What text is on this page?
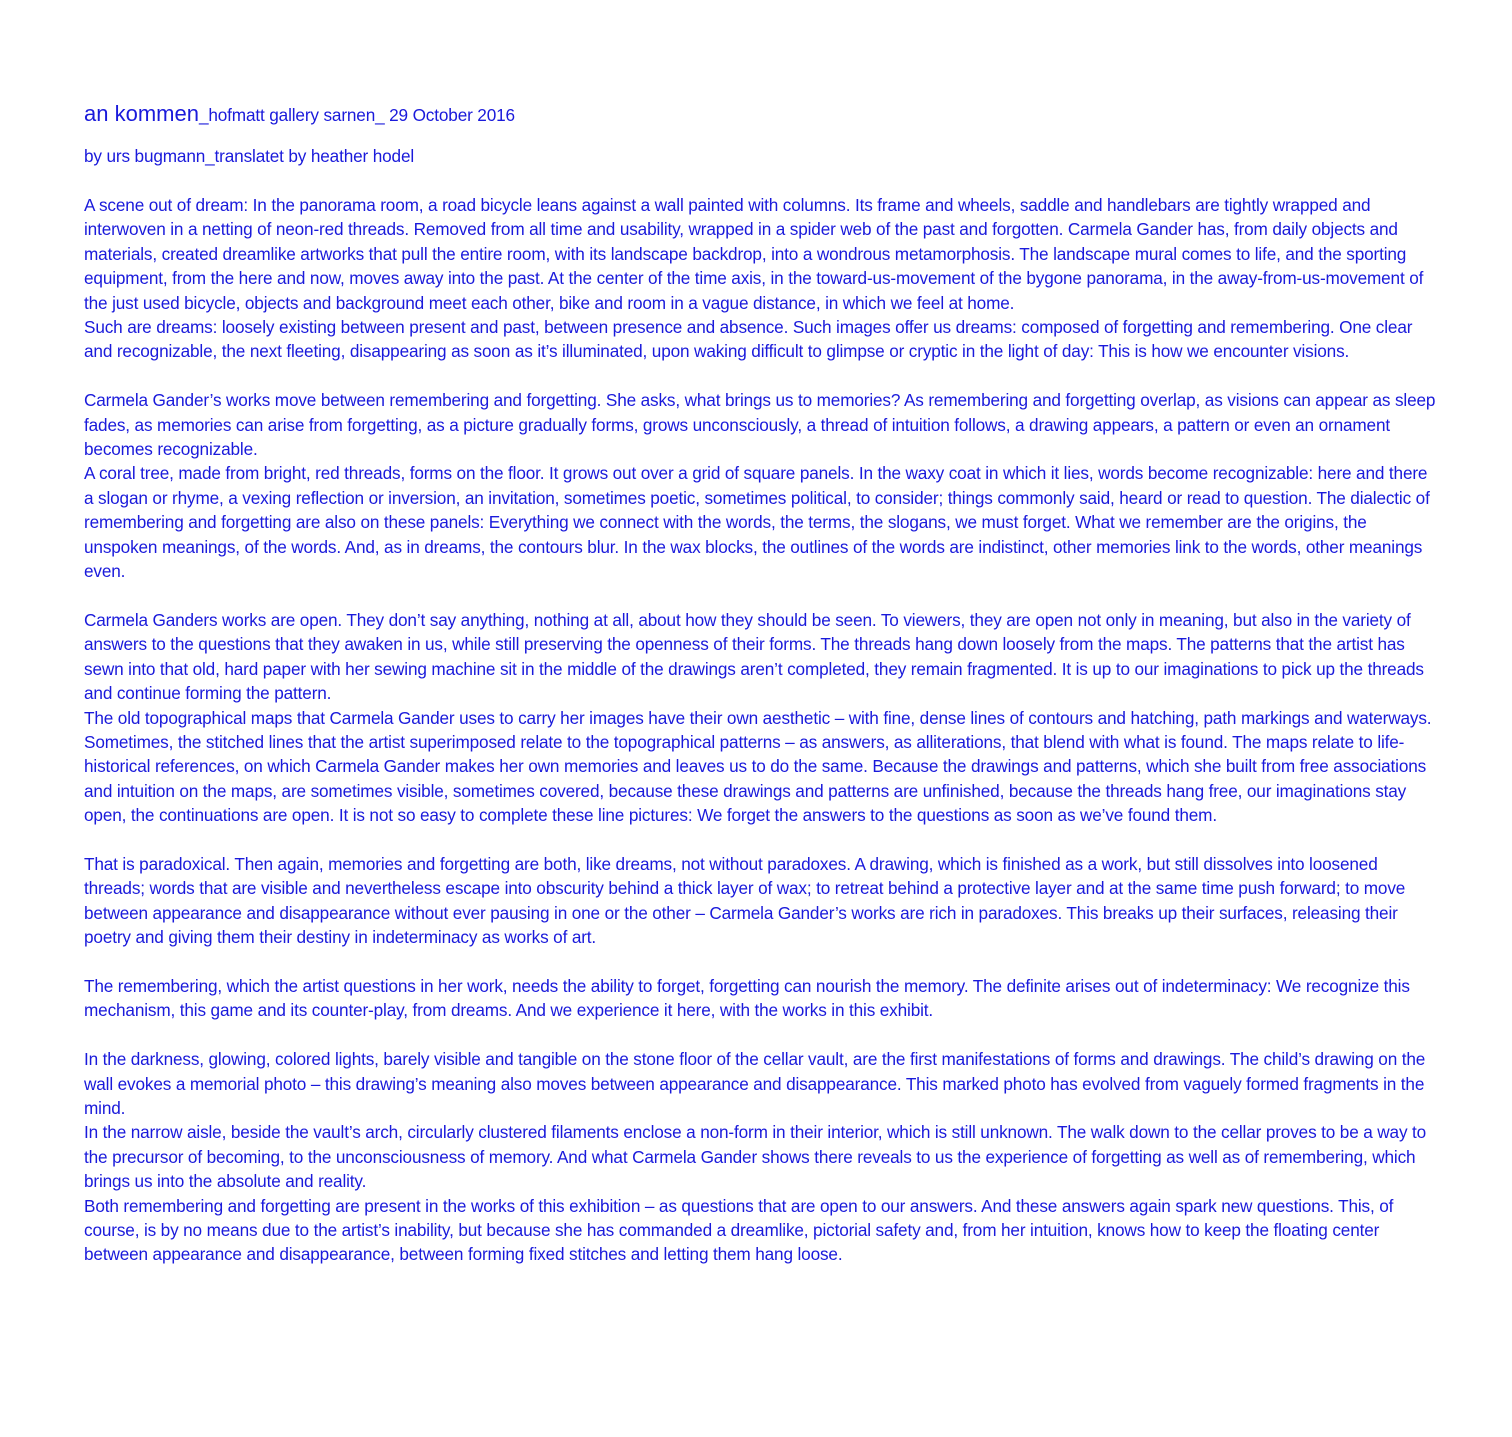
an kommen_hofmatt gallery sarnen_ 29 October 2016

by urs bugmann_translatet by heather hodel

A scene out of dream: In the panorama room, a road bicycle leans against a wall painted with columns. Its frame and wheels, saddle and handlebars are tightly wrapped and interwoven in a netting of neon-red threads. Removed from all time and usability, wrapped in a spider web of the past and forgotten. Carmela Gander has, from daily objects and materials, created dreamlike artworks that pull the entire room, with its landscape backdrop, into a wondrous metamorphosis. The landscape mural comes to life, and the sporting equipment, from the here and now, moves away into the past. At the center of the time axis, in the toward-us-movement of the bygone panorama, in the away-from-us-movement of the just used bicycle, objects and background meet each other, bike and room in a vague distance, in which we feel at home.

Such are dreams: loosely existing between present and past, between presence and absence. Such images offer us dreams: composed of forgetting and remembering. One clear and recognizable, the next fleeting, disappearing as soon as it’s illuminated, upon waking difficult to glimpse or cryptic in the light of day: This is how we encounter visions.

Carmela Gander’s works move between remembering and forgetting. She asks, what brings us to memories? As remembering and forgetting overlap, as visions can appear as sleep fades, as memories can arise from forgetting, as a picture gradually forms, grows unconsciously, a thread of intuition follows, a drawing appears, a pattern or even an ornament becomes recognizable.

A coral tree, made from bright, red threads, forms on the floor. It grows out over a grid of square panels. In the waxy coat in which it lies, words become recognizable: here and there a slogan or rhyme, a vexing reflection or inversion, an invitation, sometimes poetic, sometimes political, to consider; things commonly said, heard or read to question. The dialectic of remembering and forgetting are also on these panels: Everything we connect with the words, the terms, the slogans, we must forget. What we remember are the origins, the unspoken meanings, of the words. And, as in dreams, the contours blur. In the wax blocks, the outlines of the words are indistinct, other memories link to the words, other meanings even.

Carmela Ganders works are open. They don’t say anything, nothing at all, about how they should be seen. To viewers, they are open not only in meaning, but also in the variety of answers to the questions that they awaken in us, while still preserving the openness of their forms. The threads hang down loosely from the maps. The patterns that the artist has sewn into that old, hard paper with her sewing machine sit in the middle of the drawings aren’t completed, they remain fragmented. It is up to our imaginations to pick up the threads and continue forming the pattern.

The old topographical maps that Carmela Gander uses to carry her images have their own aesthetic – with fine, dense lines of contours and hatching, path markings and waterways. Sometimes, the stitched lines that the artist superimposed relate to the topographical patterns – as answers, as alliterations, that blend with what is found. The maps relate to life-historical references, on which Carmela Gander makes her own memories and leaves us to do the same. Because the drawings and patterns, which she built from free associations and intuition on the maps, are sometimes visible, sometimes covered, because these drawings and patterns are unfinished, because the threads hang free, our imaginations stay open, the continuations are open. It is not so easy to complete these line pictures: We forget the answers to the questions as soon as we’ve found them.

That is paradoxical. Then again, memories and forgetting are both, like dreams, not without paradoxes. A drawing, which is finished as a work, but still dissolves into loosened threads; words that are visible and nevertheless escape into obscurity behind a thick layer of wax; to retreat behind a protective layer and at the same time push forward; to move between appearance and disappearance without ever pausing in one or the other – Carmela Gander’s works are rich in paradoxes. This breaks up their surfaces, releasing their poetry and giving them their destiny in indeterminacy as works of art.

The remembering, which the artist questions in her work, needs the ability to forget, forgetting can nourish the memory. The definite arises out of indeterminacy: We recognize this mechanism, this game and its counter-play, from dreams. And we experience it here, with the works in this exhibit.

In the darkness, glowing, colored lights, barely visible and tangible on the stone floor of the cellar vault, are the first manifestations of forms and drawings. The child’s drawing on the wall evokes a memorial photo – this drawing’s meaning also moves between appearance and disappearance. This marked photo has evolved from vaguely formed fragments in the mind.

In the narrow aisle, beside the vault’s arch, circularly clustered filaments enclose a non-form in their interior, which is still unknown. The walk down to the cellar proves to be a way to the precursor of becoming, to the unconsciousness of memory. And what Carmela Gander shows there reveals to us the experience of forgetting as well as of remembering, which brings us into the absolute and reality.

Both remembering and forgetting are present in the works of this exhibition – as questions that are open to our answers. And these answers again spark new questions. This, of course, is by no means due to the artist’s inability, but because she has commanded a dreamlike, pictorial safety and, from her intuition, knows how to keep the floating center between appearance and disappearance, between forming fixed stitches and letting them hang loose.
